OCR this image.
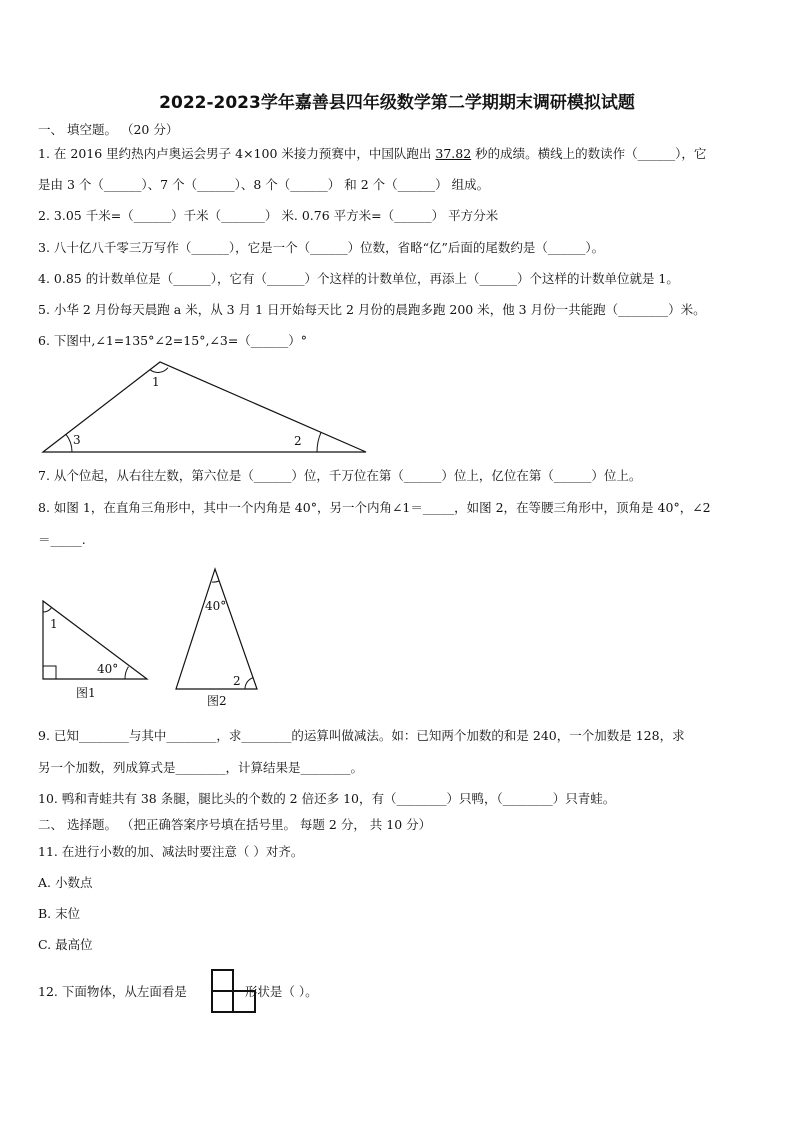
2022-2023学年嘉善县四年级数学第二学期期末调研模拟试题
一、 填空题。 （20 分）
1. 在 2016 里约热内卢奥运会男子 4×100 米接力预赛中，中国队跑出 37.82 秒的成绩。横线上的数读作（______），它
是由 3 个（______）、7 个（______）、8 个（______） 和 2 个（______） 组成。
2. 3.05 千米=（______）千米（_______） 米. 0.76 平方米=（______） 平方分米
3. 八十亿八千零三万写作（______），它是一个（______）位数，省略“亿”后面的尾数约是（______）。
4. 0.85 的计数单位是（______），它有（______）个这样的计数单位，再添上（______）个这样的计数单位就是 1。
5. 小华 2 月份每天晨跑 a 米，从 3 月 1 日开始每天比 2 月份的晨跑多跑 200 米，他 3 月份一共能跑（________）米。
6. 下图中,∠1=135°∠2=15°,∠3=（______）°
1
3	2
7. 从个位起，从右往左数，第六位是（______）位，千万位在第（______）位上，亿位在第（______）位上。
8. 如图 1，在直角三角形中，其中一个内角是 40°，另一个内角∠1＝_____，如图 2，在等腰三角形中，顶角是 40°，∠2
＝_____.
1
40°
图1
40°
2
图2
9. 已知________与其中________，求________的运算叫做减法。如：已知两个加数的和是 240，一个加数是 128，求
另一个加数，列成算式是________，计算结果是________。
10. 鸭和青蛙共有 38 条腿，腿比头的个数的 2 倍还多 10，有（________）只鸭，（________）只青蛙。
二、 选择题。 （把正确答案序号填在括号里。 每题 2 分， 共 10 分）
11. 在进行小数的加、减法时要注意（ ）对齐。
A. 小数点
B. 末位
C. 最高位
12. 下面物体，从左面看是	形状是（ ）。
